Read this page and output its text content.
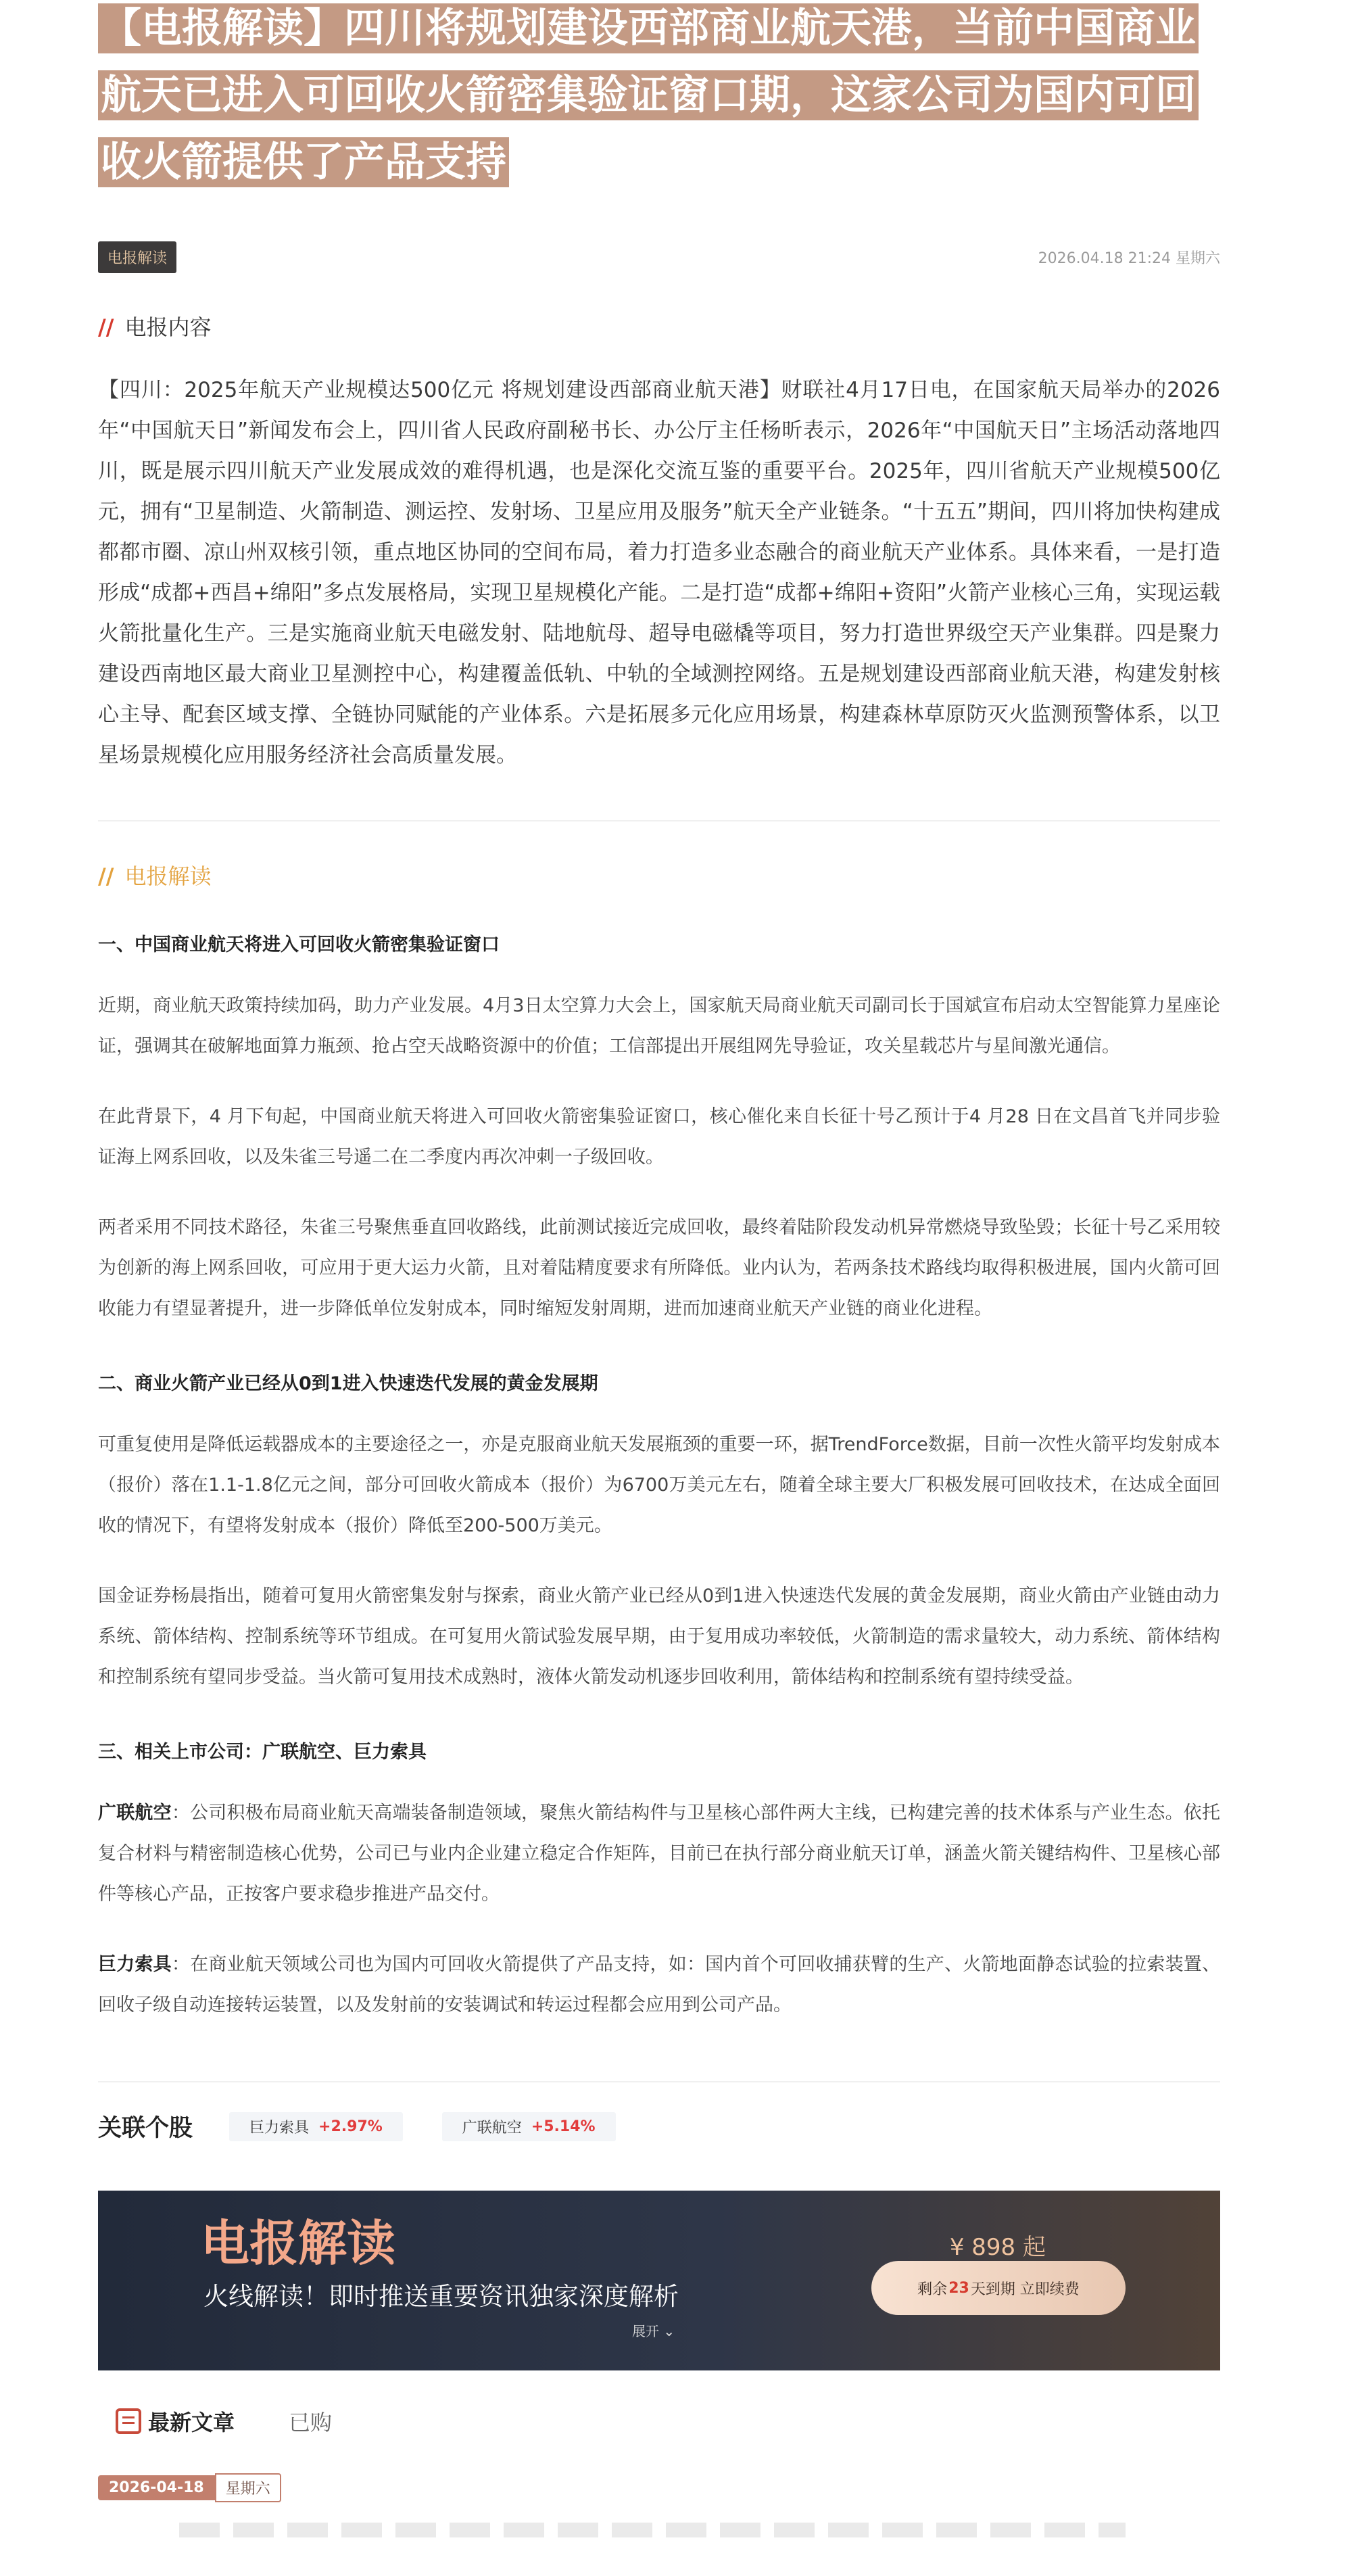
【电报解读】四川将规划建设西部商业航天港，当前中国商业航天已进入可回收火箭密集验证窗口期，这家公司为国内可回收火箭提供了产品支持
电报解读	2026.04.18 21:24 星期六
// 电报内容

【四川：2025年航天产业规模达500亿元 将规划建设西部商业航天港】财联社4月17日电，在国家航天局举办的2026年“中国航天日”新闻发布会上，四川省人民政府副秘书长、办公厅主任杨昕表示，2026年“中国航天日”主场活动落地四川，既是展示四川航天产业发展成效的难得机遇，也是深化交流互鉴的重要平台。2025年，四川省航天产业规模500亿元，拥有“卫星制造、火箭制造、测运控、发射场、卫星应用及服务”航天全产业链条。“十五五”期间，四川将加快构建成都都市圈、凉山州双核引领，重点地区协同的空间布局，着力打造多业态融合的商业航天产业体系。具体来看，一是打造形成“成都+西昌+绵阳”多点发展格局，实现卫星规模化产能。二是打造“成都+绵阳+资阳”火箭产业核心三角，实现运载火箭批量化生产。三是实施商业航天电磁发射、陆地航母、超导电磁橇等项目，努力打造世界级空天产业集群。四是聚力建设西南地区最大商业卫星测控中心，构建覆盖低轨、中轨的全域测控网络。五是规划建设西部商业航天港，构建发射核心主导、配套区域支撑、全链协同赋能的产业体系。六是拓展多元化应用场景，构建森林草原防灭火监测预警体系，以卫星场景规模化应用服务经济社会高质量发展。

// 电报解读
一、中国商业航天将进入可回收火箭密集验证窗口

近期，商业航天政策持续加码，助力产业发展。4月3日太空算力大会上，国家航天局商业航天司副司长于国斌宣布启动太空智能算力星座论证，强调其在破解地面算力瓶颈、抢占空天战略资源中的价值；工信部提出开展组网先导验证，攻关星载芯片与星间激光通信。

在此背景下，4 月下旬起，中国商业航天将进入可回收火箭密集验证窗口，核心催化来自长征十号乙预计于4 月28 日在文昌首飞并同步验证海上网系回收，以及朱雀三号遥二在二季度内再次冲刺一子级回收。

两者采用不同技术路径，朱雀三号聚焦垂直回收路线，此前测试接近完成回收，最终着陆阶段发动机异常燃烧导致坠毁；长征十号乙采用较为创新的海上网系回收，可应用于更大运力火箭，且对着陆精度要求有所降低。业内认为，若两条技术路线均取得积极进展，国内火箭可回收能力有望显著提升，进一步降低单位发射成本，同时缩短发射周期，进而加速商业航天产业链的商业化进程。

二、商业火箭产业已经从0到1进入快速迭代发展的黄金发展期

可重复使用是降低运载器成本的主要途径之一，亦是克服商业航天发展瓶颈的重要一环，据TrendForce数据，目前一次性火箭平均发射成本（报价）落在1.1-1.8亿元之间，部分可回收火箭成本（报价）为6700万美元左右，随着全球主要大厂积极发展可回收技术，在达成全面回收的情况下，有望将发射成本（报价）降低至200-500万美元。

国金证券杨晨指出，随着可复用火箭密集发射与探索，商业火箭产业已经从0到1进入快速迭代发展的黄金发展期，商业火箭由产业链由动力系统、箭体结构、控制系统等环节组成。在可复用火箭试验发展早期，由于复用成功率较低，火箭制造的需求量较大，动力系统、箭体结构和控制系统有望同步受益。当火箭可复用技术成熟时，液体火箭发动机逐步回收利用，箭体结构和控制系统有望持续受益。

三、相关上市公司：广联航空、巨力索具

广联航空：公司积极布局商业航天高端装备制造领域，聚焦火箭结构件与卫星核心部件两大主线，已构建完善的技术体系与产业生态。依托复合材料与精密制造核心优势，公司已与业内企业建立稳定合作矩阵，目前已在执行部分商业航天订单，涵盖火箭关键结构件、卫星核心部件等核心产品，正按客户要求稳步推进产品交付。

巨力索具：在商业航天领域公司也为国内可回收火箭提供了产品支持，如：国内首个可回收捕获臂的生产、火箭地面静态试验的拉索装置、回收子级自动连接转运装置，以及发射前的安装调试和转运过程都会应用到公司产品。

关联个股	巨力索具 +2.97%	广联航空 +5.14%
电报解读
火线解读！即时推送重要资讯独家深度解析
展开 ⌄
¥ 898 起
剩余 23 天到期 立即续费
最新文章	已购
2026-04-18	星期六
